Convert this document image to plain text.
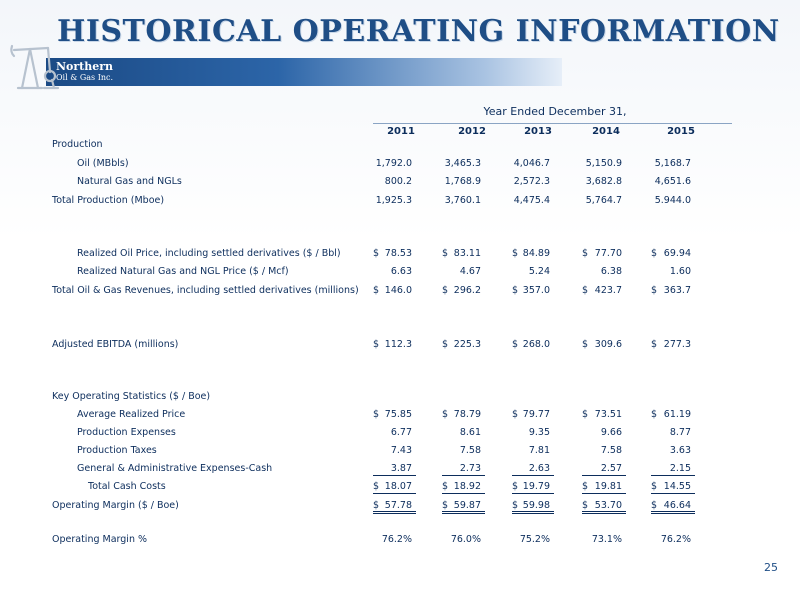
HISTORICAL OPERATING INFORMATION
Northern
Oil & Gas Inc.
Year Ended December 31,
2011	2012	2013	2014	2015
Production
Oil (MBbls)	1,792.0	3,465.3	4,046.7	5,150.9	5,168.7
Natural Gas and NGLs	800.2	1,768.9	2,572.3	3,682.8	4,651.6
Total Production (Mboe)	1,925.3	3,760.1	4,475.4	5,764.7	5.944.0
Realized Oil Price, including settled derivatives ($ / Bbl)	$ 78.53	$ 83.11	$ 84.89	$ 77.70	$ 69.94
Realized Natural Gas and NGL Price ($ / Mcf)	6.63	4.67	5.24	6.38	1.60
Total Oil & Gas Revenues, including settled derivatives (millions) $ 146.0	$ 296.2	$ 357.0	$ 423.7	$ 363.7
Adjusted EBITDA (millions)	$ 112.3	$ 225.3	$ 268.0	$ 309.6	$ 277.3
Key Operating Statistics ($ / Boe)
Average Realized Price	$ 75.85	$ 78.79	$ 79.77	$ 73.51	$ 61.19
Production Expenses	6.77	8.61	9.35	9.66	8.77
Production Taxes	7.43	7.58	7.81	7.58	3.63
General & Administrative Expenses-Cash	3.87	2.73	2.63	2.57	2.15
Total Cash Costs	$ 18.07	$ 18.92	$ 19.79	$ 19.81	$ 14.55
Operating Margin ($ / Boe)	$ 57.78	$ 59.87	$ 59.98	$ 53.70	$ 46.64
Operating Margin %	76.2%	76.0%	75.2%	73.1%	76.2%
25
